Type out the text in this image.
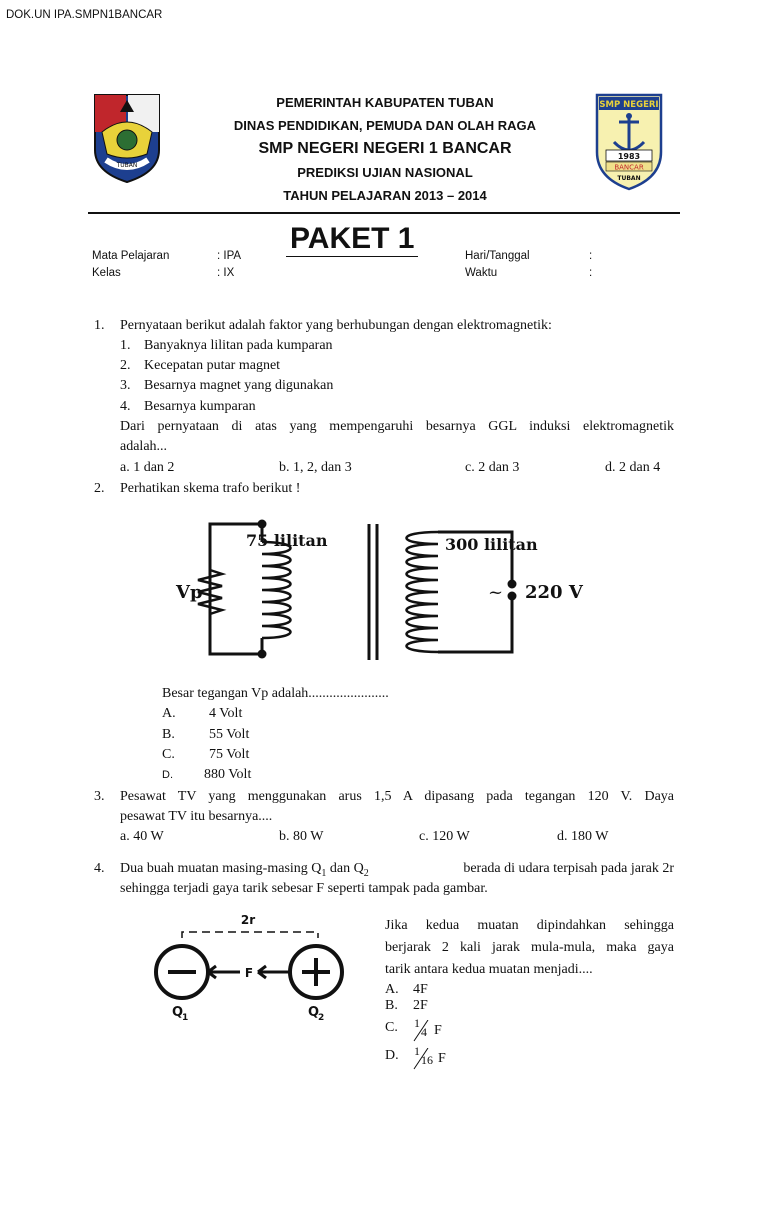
DOK.UN IPA.SMPN1BANCAR
TUBAN
SMP NEGERI
1983
BANCAR
TUBAN
PEMERINTAH KABUPATEN TUBAN
DINAS PENDIDIKAN, PEMUDA DAN OLAH RAGA
SMP NEGERI NEGERI 1 BANCAR
PREDIKSI UJIAN NASIONAL
TAHUN PELAJARAN 2013 – 2014
PAKET 1
Mata Pelajaran	: IPA
Kelas	: IX
Hari/Tanggal	:
Waktu	:
1. Pernyataan berikut adalah faktor yang berhubungan dengan elektromagnetik:
1. Banyaknya lilitan pada kumparan
2. Kecepatan putar magnet
3. Besarnya magnet yang digunakan
4. Besarnya kumparan
Dari pernyataan di atas yang mempengaruhi besarnya GGL induksi elektromagnetik
adalah...
a. 1 dan 2	b. 1, 2, dan 3	c. 2 dan 3	d. 2 dan 4
2. Perhatikan skema trafo berikut !
75 lilitan	300 lilitan
Vp	~ 220 V
Besar tegangan Vp adalah.......................
A. 4 Volt
B. 55 Volt
C. 75 Volt
D. 880 Volt
3. Pesawat TV yang menggunakan arus 1,5 A dipasang pada tegangan 120 V. Daya
pesawat TV itu besarnya....
a. 40 W	b. 80 W	c. 120 W	d. 180 W
4. Dua buah muatan masing-masing $Q_1$ dan $Q_2$	berada di udara terpisah pada jarak 2r
sehingga terjadi gaya tarik sebesar F seperti tampak pada gambar.
2r
F
Q
1	Q
2
Jika kedua muatan dipindahkan sehingga
berjarak 2 kali jarak mula-mula, maka gaya
tarik antara kedua muatan menjadi....
A. 4F
B. 2F
C. 1
4 F
D. 1
16 F
